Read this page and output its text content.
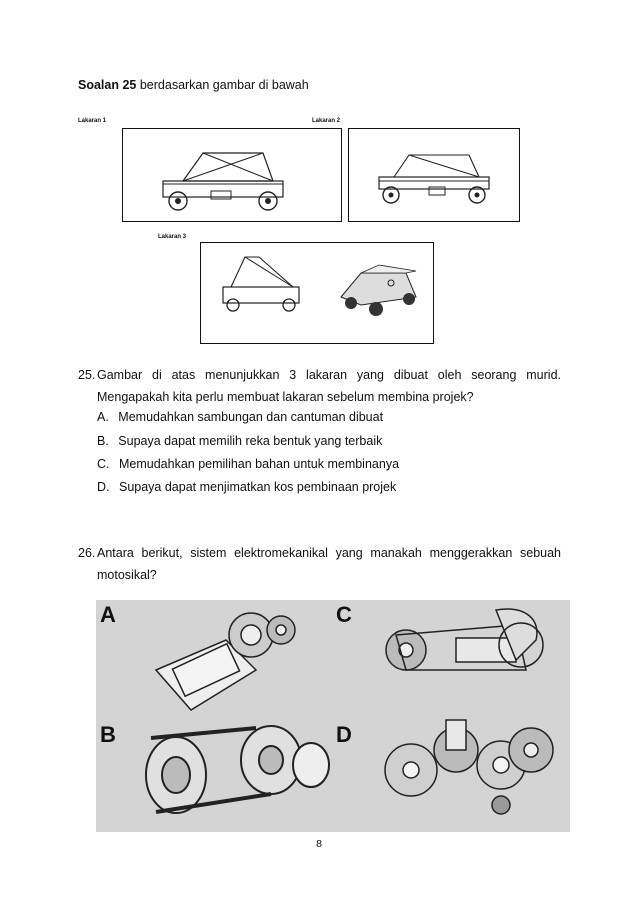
Soalan 25 berdasarkan gambar di bawah
Lakaran 1	Lakaran 2
Lakaran 3
25. Gambar di atas menunjukkan 3 lakaran yang dibuat oleh seorang murid.
Mengapakah kita perlu membuat lakaran sebelum membina projek?
A. Memudahkan sambungan dan cantuman dibuat
B. Supaya dapat memilih reka bentuk yang terbaik
C. Memudahkan pemilihan bahan untuk membinanya
D. Supaya dapat menjimatkan kos pembinaan projek
26. Antara berikut, sistem elektromekanikal yang manakah menggerakkan sebuah
motosikal?
A	C
B	D
8
